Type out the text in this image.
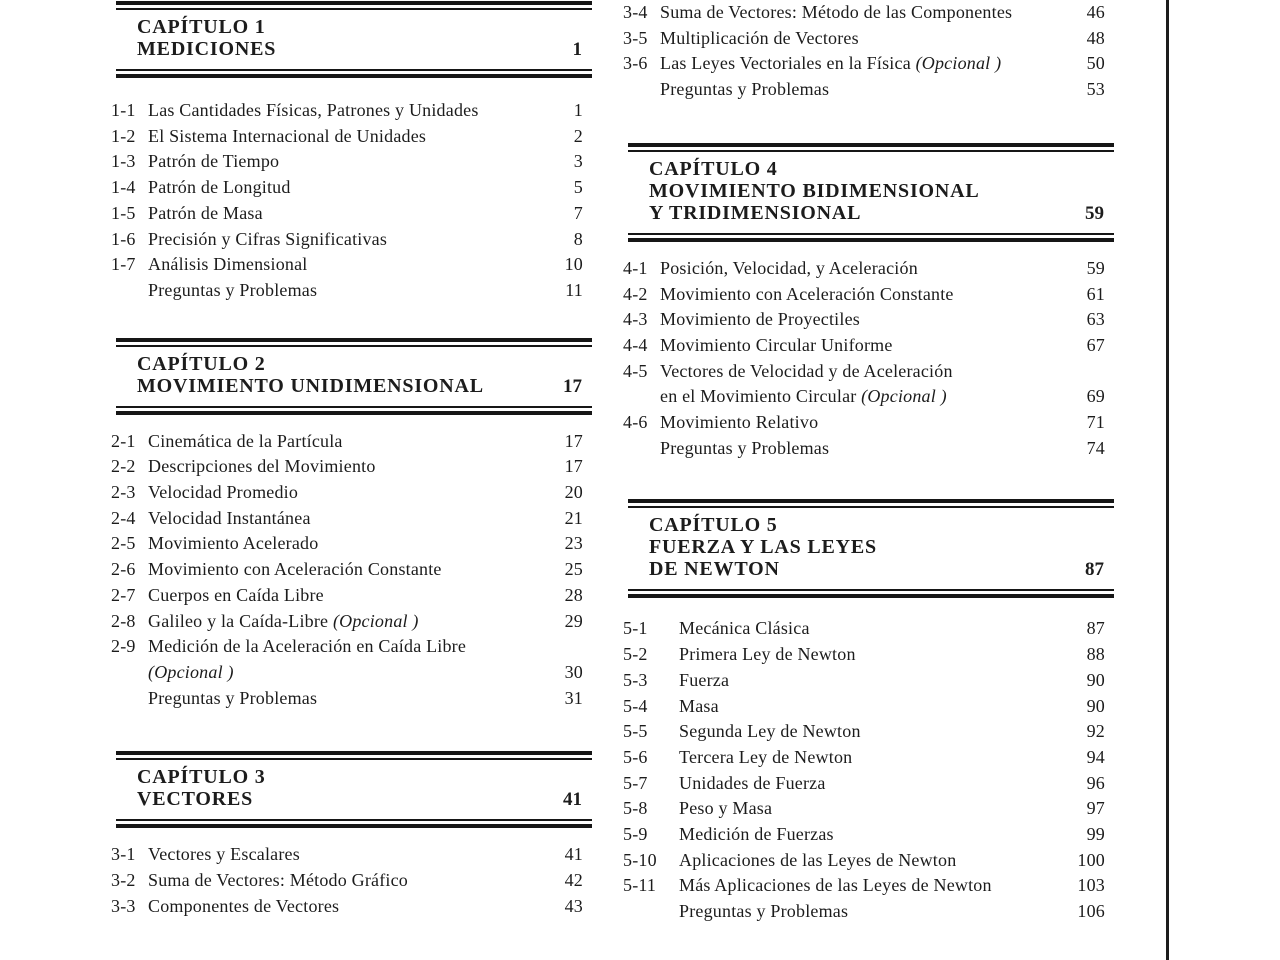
CAPÍTULO 1
MEDICIONES	1
1-1 Las Cantidades Físicas, Patrones y Unidades	1
1-2 El Sistema Internacional de Unidades	2
1-3 Patrón de Tiempo	3
1-4 Patrón de Longitud	5
1-5 Patrón de Masa	7
1-6 Precisión y Cifras Significativas	8
1-7 Análisis Dimensional	10
Preguntas y Problemas	11
CAPÍTULO 2
MOVIMIENTO UNIDIMENSIONAL	17
2-1 Cinemática de la Partícula	17
2-2 Descripciones del Movimiento	17
2-3 Velocidad Promedio	20
2-4 Velocidad Instantánea	21
2-5 Movimiento Acelerado	23
2-6 Movimiento con Aceleración Constante	25
2-7 Cuerpos en Caída Libre	28
2-8 Galileo y la Caída-Libre (Opcional )	29
2-9 Medición de la Aceleración en Caída Libre
(Opcional )	30
Preguntas y Problemas	31
CAPÍTULO 3
VECTORES	41
3-1 Vectores y Escalares	41
3-2 Suma de Vectores: Método Gráfico	42
3-3 Componentes de Vectores	43
3-4 Suma de Vectores: Método de las Componentes	46
3-5 Multiplicación de Vectores	48
3-6 Las Leyes Vectoriales en la Física (Opcional )	50
Preguntas y Problemas	53
CAPÍTULO 4
MOVIMIENTO BIDIMENSIONAL
Y TRIDIMENSIONAL	59
4-1 Posición, Velocidad, y Aceleración	59
4-2 Movimiento con Aceleración Constante	61
4-3 Movimiento de Proyectiles	63
4-4 Movimiento Circular Uniforme	67
4-5 Vectores de Velocidad y de Aceleración
en el Movimiento Circular (Opcional )	69
4-6 Movimiento Relativo	71
Preguntas y Problemas	74
CAPÍTULO 5
FUERZA Y LAS LEYES
DE NEWTON	87
5-1	Mecánica Clásica	87
5-2	Primera Ley de Newton	88
5-3	Fuerza	90
5-4	Masa	90
5-5	Segunda Ley de Newton	92
5-6	Tercera Ley de Newton	94
5-7	Unidades de Fuerza	96
5-8	Peso y Masa	97
5-9	Medición de Fuerzas	99
5-10	Aplicaciones de las Leyes de Newton	100
5-11	Más Aplicaciones de las Leyes de Newton	103
Preguntas y Problemas	106
